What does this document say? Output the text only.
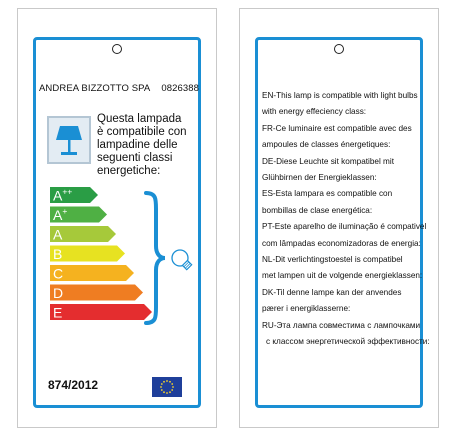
ANDREA BIZZOTTO SPA 0826388
Questa lampada
è compatibile con
lampadine delle
seguenti classi
energetiche:
A++
A+
A
B
C
D
E
874/2012
EN-This lamp is compatible with light bulbs
with energy effeciency class:
FR-Ce luminaire est compatible avec des
ampoules de classes énergetiques:
DE-Diese Leuchte sit kompatibel mit
Glühbirnen der Energieklassen:
ES-Esta lampara es compatible con
bombillas de clase energética:
PT-Este aparelho de iluminação é compativel
com lâmpadas economizadoras de energia:
NL-Dit verlichtingstoestel is compatibel
met lampen uit de volgende energieklassen:
DK-Til denne lampe kan der anvendes
pærer i energiklasserne:
RU-Эта лампа совместима с лампочками
с классом энергетической эффективности:
